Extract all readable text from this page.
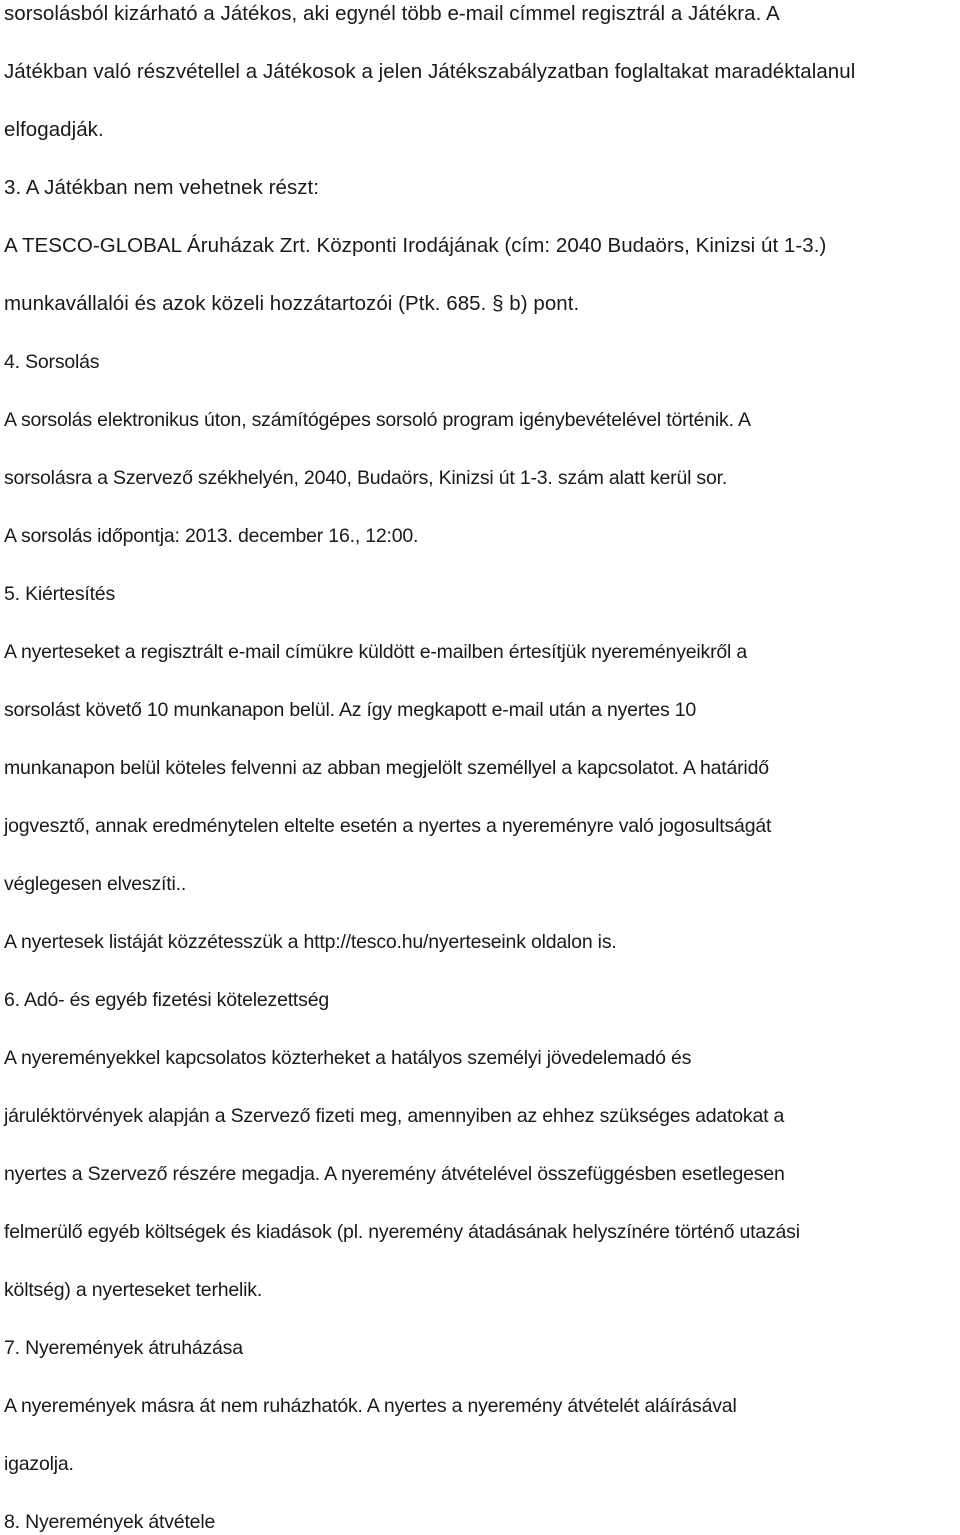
sorsolásból kizárható a Játékos, aki egynél több e-mail címmel regisztrál a Játékra. A
Játékban való részvétellel a Játékosok a jelen Játékszabályzatban foglaltakat maradéktalanul
elfogadják.
3. A Játékban nem vehetnek részt:
A TESCO-GLOBAL Áruházak Zrt. Központi Irodájának (cím: 2040 Budaörs, Kinizsi út 1-3.)
munkavállalói és azok közeli hozzátartozói (Ptk. 685. § b) pont.
4. Sorsolás
A sorsolás elektronikus úton, számítógépes sorsoló program igénybevételével történik. A
sorsolásra a Szervező székhelyén, 2040, Budaörs, Kinizsi út 1-3. szám alatt kerül sor.
A sorsolás időpontja: 2013. december 16., 12:00.
5. Kiértesítés
A nyerteseket a regisztrált e-mail címükre küldött e-mailben értesítjük nyereményeikről a
sorsolást követő 10 munkanapon belül. Az így megkapott e-mail után a nyertes 10
munkanapon belül köteles felvenni az abban megjelölt személlyel a kapcsolatot. A határidő
jogvesztő, annak eredménytelen eltelte esetén a nyertes a nyereményre való jogosultságát
véglegesen elveszíti..
A nyertesek listáját közzétesszük a http://tesco.hu/nyerteseink oldalon is.
6. Adó- és egyéb fizetési kötelezettség
A nyereményekkel kapcsolatos közterheket a hatályos személyi jövedelemadó és
járuléktörvények alapján a Szervező fizeti meg, amennyiben az ehhez szükséges adatokat a
nyertes a Szervező részére megadja. A nyeremény átvételével összefüggésben esetlegesen
felmerülő egyéb költségek és kiadások (pl. nyeremény átadásának helyszínére történő utazási
költség) a nyerteseket terhelik.
7. Nyeremények átruházása
A nyeremények másra át nem ruházhatók. A nyertes a nyeremény átvételét aláírásával
igazolja.
8. Nyeremények átvétele
